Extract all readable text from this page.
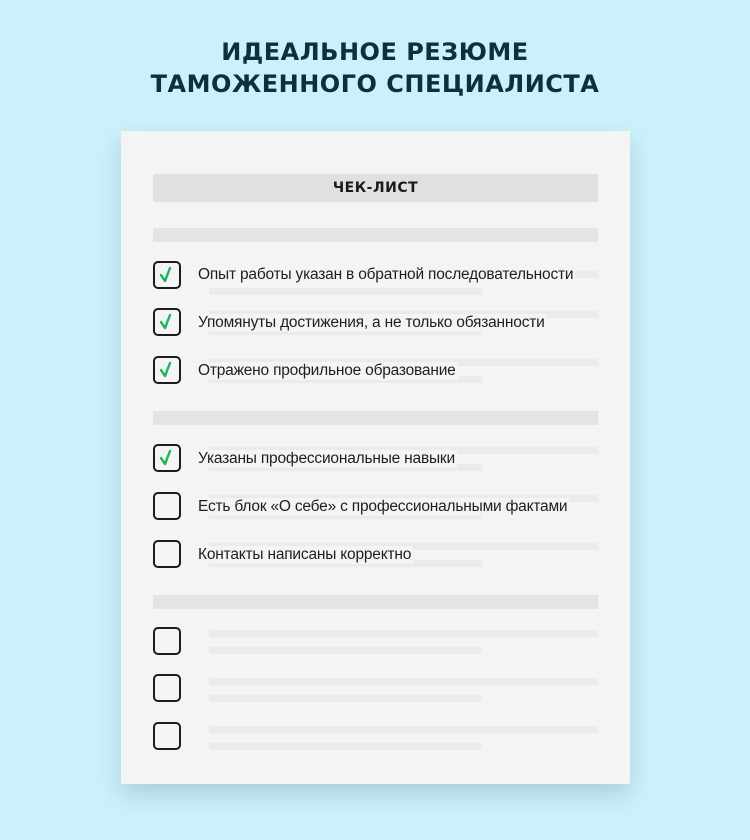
ИДЕАЛЬНОЕ РЕЗЮМЕ
ТАМОЖЕННОГО СПЕЦИАЛИСТА
ЧЕК-ЛИСТ
Опыт работы указан в обратной последовательности
Упомянуты достижения, а не только обязанности
Отражено профильное образование
Указаны профессиональные навыки
Есть блок «О себе» с профессиональными фактами
Контакты написаны корректно
